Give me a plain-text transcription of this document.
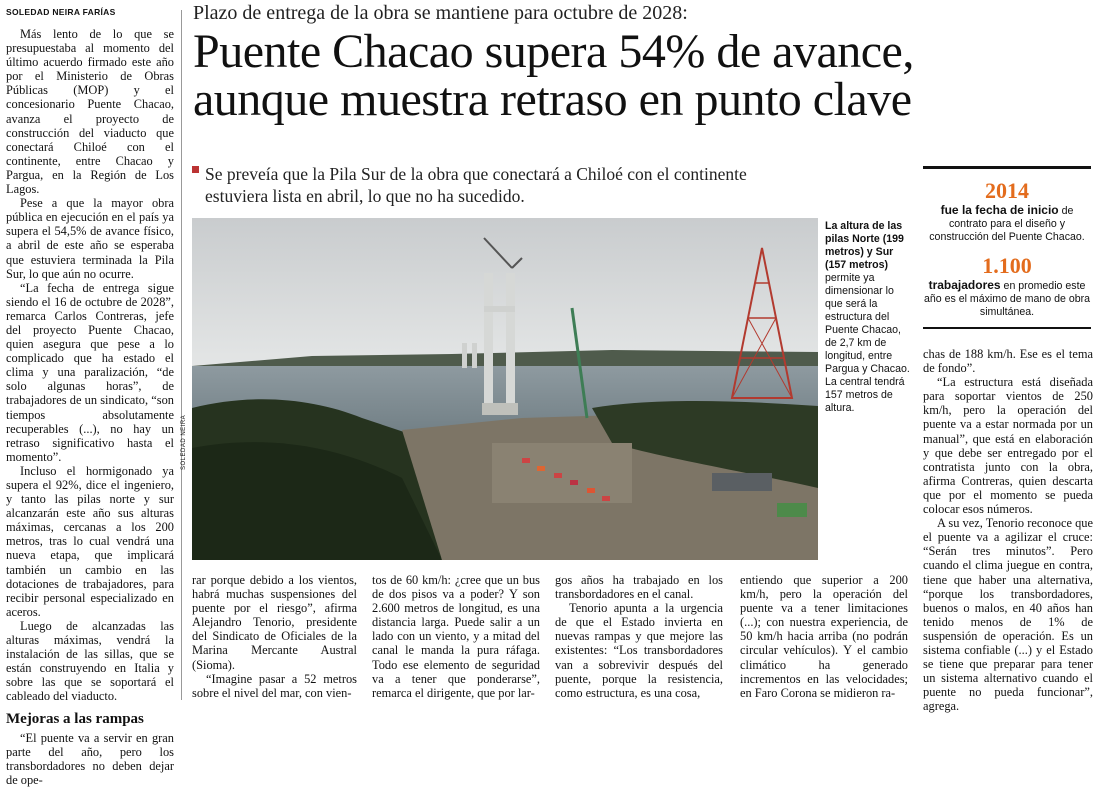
SOLEDAD NEIRA FARÍAS

Más lento de lo que se presupuestaba al momento del último acuerdo firmado este año por el Ministerio de Obras Públicas (MOP) y el concesionario Puente Chacao, avanza el proyecto de construcción del viaducto que conectará Chiloé con el continente, entre Chacao y Pargua, en la Región de Los Lagos.

Pese a que la mayor obra pública en ejecución en el país ya supera el 54,5% de avance físico, a abril de este año se esperaba que estuviera terminada la Pila Sur, lo que aún no ocurre.

“La fecha de entrega sigue siendo el 16 de octubre de 2028”, remarca Carlos Contreras, jefe del proyecto Puente Chacao, quien asegura que pese a lo complicado que ha estado el clima y una paralización, “de solo algunas horas”, de trabajadores de un sindicato, “son tiempos absolutamente recuperables (...), no hay un retraso significativo hasta el momento”.

Incluso el hormigonado ya supera el 92%, dice el ingeniero, y tanto las pilas norte y sur alcanzarán este año sus alturas máximas, cercanas a los 200 metros, tras lo cual vendrá una nueva etapa, que implicará también un cambio en las dotaciones de trabajadores, para recibir personal especializado en aceros.

Luego de alcanzadas las alturas máximas, vendrá la instalación de las sillas, que se están construyendo en Italia y sobre las que se soportará el cableado del viaducto.

Mejoras a las rampas

“El puente va a servir en gran parte del año, pero los transbordadores no deben dejar de ope-

Plazo de entrega de la obra se mantiene para octubre de 2028:
Puente Chacao supera 54% de avance,
aunque muestra retraso en punto clave
Se preveía que la Pila Sur de la obra que conectará a Chiloé con el continente estuviera lista en abril, lo que no ha sucedido.
SOLEDAD NEIRA
La altura de las pilas Norte (199 metros) y Sur (157 metros) permite ya dimensionar lo que será la estructura del Puente Chacao, de 2,7 km de longitud, entre Pargua y Chacao. La central tendrá 157 metros de altura.
2014
fue la fecha de inicio de contrato para el diseño y construcción del Puente Chacao.
1.100
trabajadores en promedio este año es el máximo de mano de obra simultánea.

rar porque debido a los vientos, habrá muchas suspensiones del puente por el riesgo”, afirma Alejandro Tenorio, presidente del Sindicato de Oficiales de la Marina Mercante Austral (Sioma).

“Imagine pasar a 52 metros sobre el nivel del mar, con vien-

tos de 60 km/h: ¿cree que un bus de dos pisos va a poder? Y son 2.600 metros de longitud, es una distancia larga. Puede salir a un lado con un viento, y a mitad del canal le manda la pura ráfaga. Todo ese elemento de seguridad va a tener que ponderarse”, remarca el dirigente, que por lar-

gos años ha trabajado en los transbordadores en el canal.

Tenorio apunta a la urgencia de que el Estado invierta en nuevas rampas y que mejore las existentes: “Los transbordadores van a sobrevivir después del puente, porque la resistencia, como estructura, es una cosa,

entiendo que superior a 200 km/h, pero la operación del puente va a tener limitaciones (...); con nuestra experiencia, de 50 km/h hacia arriba (no podrán circular vehículos). Y el cambio climático ha generado incrementos en las velocidades; en Faro Corona se midieron ra-

chas de 188 km/h. Ese es el tema de fondo”.

“La estructura está diseñada para soportar vientos de 250 km/h, pero la operación del puente va a estar normada por un manual”, que está en elaboración y que debe ser entregado por el contratista junto con la obra, afirma Contreras, quien descarta que por el momento se pueda colocar esos números.

A su vez, Tenorio reconoce que el puente va a agilizar el cruce: “Serán tres minutos”. Pero cuando el clima juegue en contra, tiene que haber una alternativa, “porque los transbordadores, buenos o malos, en 40 años han tenido menos de 1% de suspensión de operación. Es un sistema confiable (...) y el Estado se tiene que preparar para tener un sistema alternativo cuando el puente no pueda funcionar”, agrega.
